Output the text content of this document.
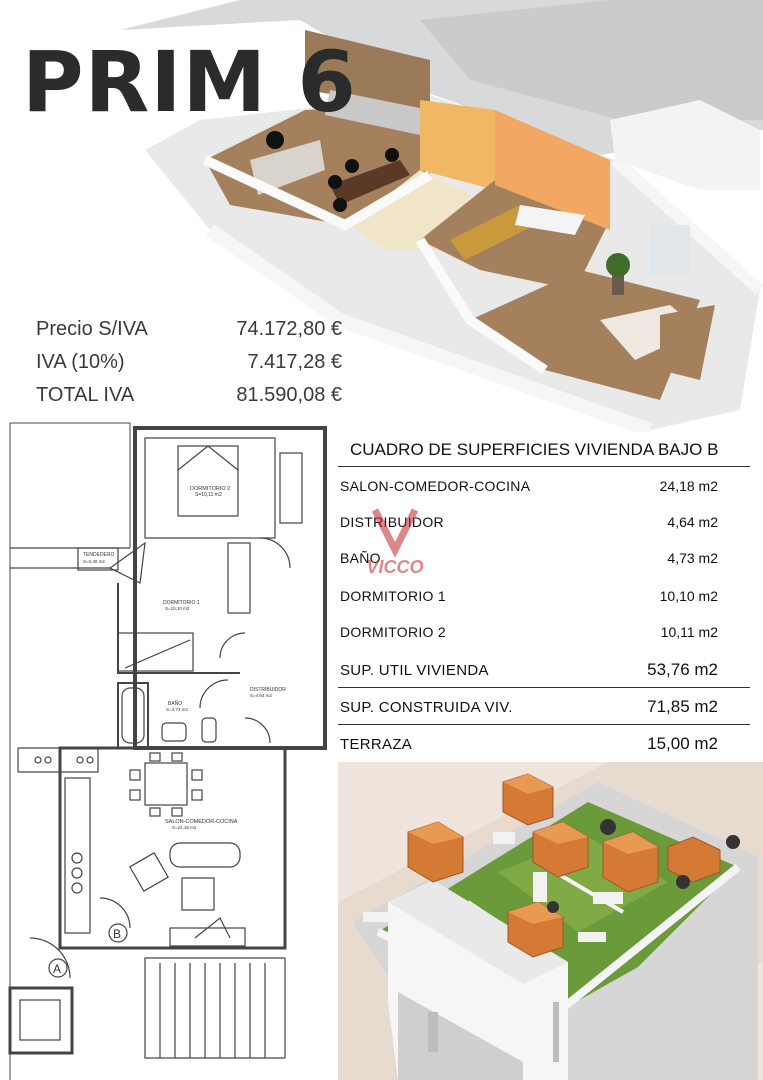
PRIM 6
Precio S/IVA	74.172,80 €
IVA (10%)	7.417,28 €
TOTAL IVA	81.590,08 €
DORMITORIO 2
S=10,11 m2
TENDEDERO
S=0,48 m2
DORMITORIO 1
S=10,10 m2
BAÑO
S=4,73 m2
DISTRIBUIDOR
S=4,64 m2
SALON-COMEDOR-COCINA
S=24,18 m2
B
A
CUADRO DE SUPERFICIES VIVIENDA BAJO B
SALON-COMEDOR-COCINA	24,18 m2
DISTRIBUIDOR	4,64 m2
BAÑO	4,73 m2
DORMITORIO 1	10,10 m2
DORMITORIO 2	10,11 m2
SUP. UTIL VIVIENDA	53,76 m2
SUP. CONSTRUIDA VIV.	71,85 m2
TERRAZA	15,00 m2
VICCO
